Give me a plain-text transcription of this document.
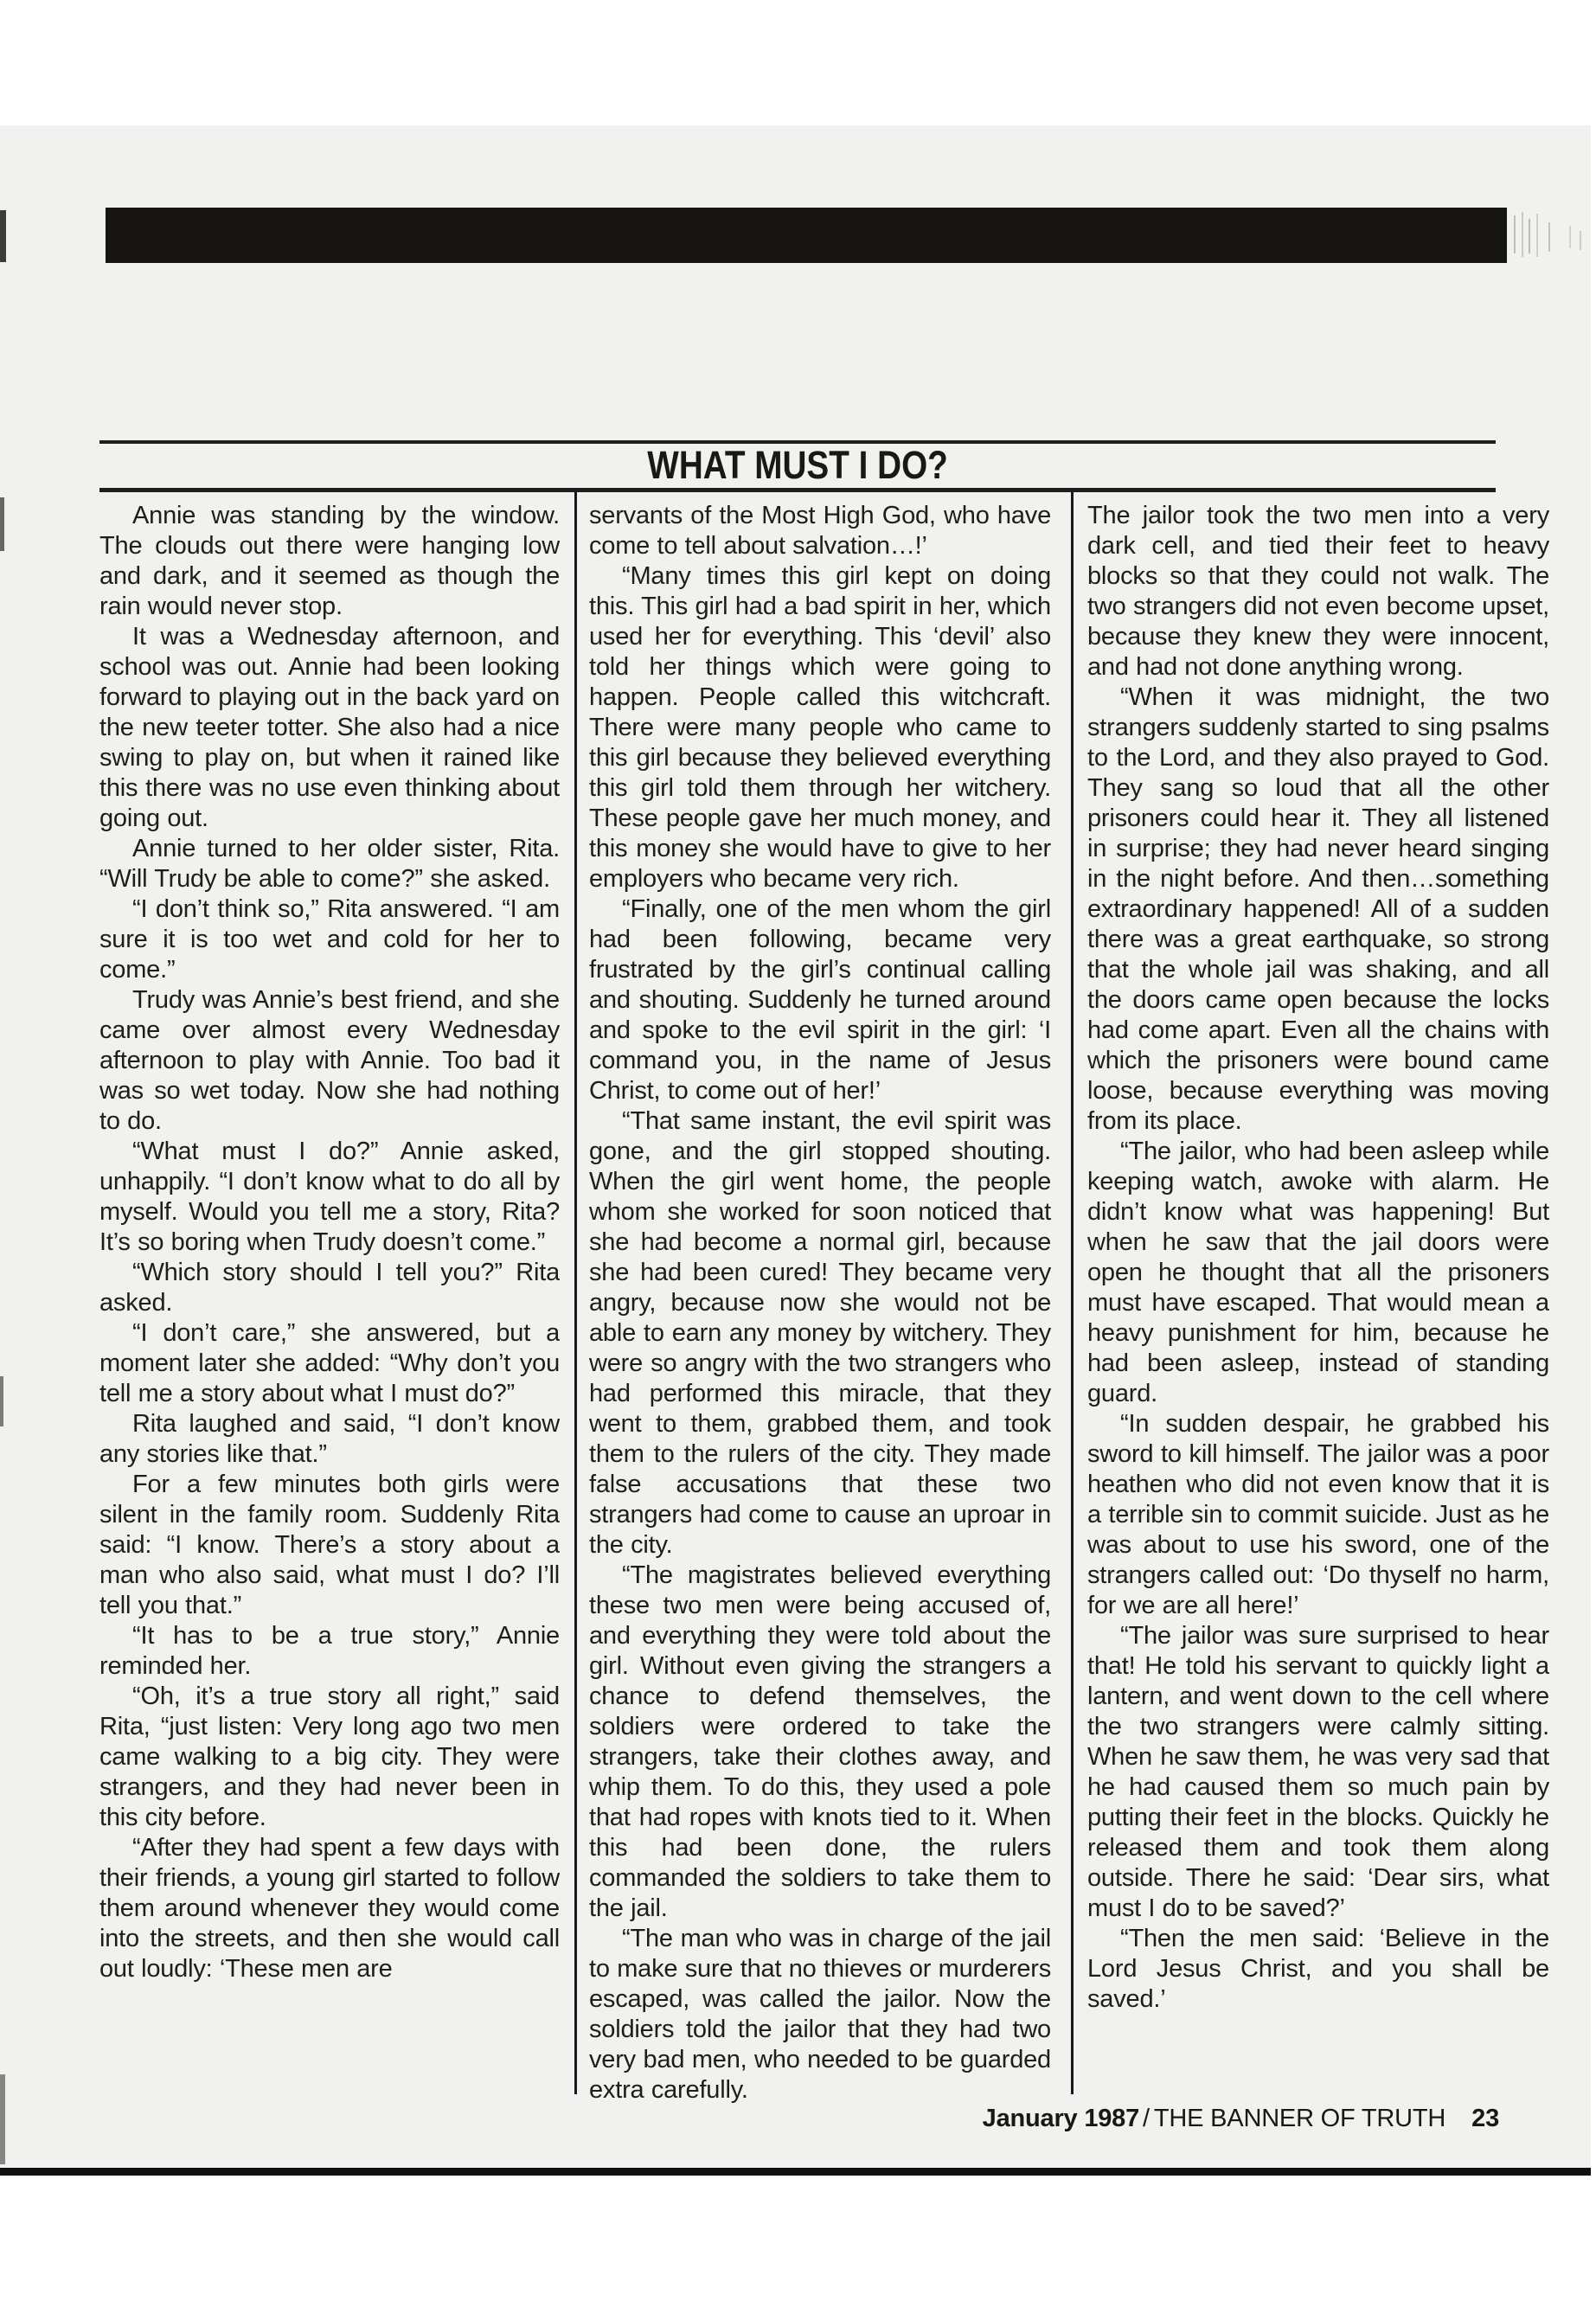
WHAT MUST I DO?

Annie was standing by the window. The clouds out there were hanging low and dark, and it seemed as though the rain would never stop.

It was a Wednesday afternoon, and school was out. Annie had been looking forward to playing out in the back yard on the new teeter totter. She also had a nice swing to play on, but when it rained like this there was no use even thinking about going out.

Annie turned to her older sister, Rita. “Will Trudy be able to come?” she asked.

“I don’t think so,” Rita answered. “I am sure it is too wet and cold for her to come.”

Trudy was Annie’s best friend, and she came over almost every Wednesday afternoon to play with Annie. Too bad it was so wet today. Now she had nothing to do.

“What must I do?” Annie asked, unhappily. “I don’t know what to do all by myself. Would you tell me a story, Rita? It’s so boring when Trudy doesn’t come.”

“Which story should I tell you?” Rita asked.

“I don’t care,” she answered, but a moment later she added: “Why don’t you tell me a story about what I must do?”

Rita laughed and said, “I don’t know any stories like that.”

For a few minutes both girls were silent in the family room. Suddenly Rita said: “I know. There’s a story about a man who also said, what must I do? I’ll tell you that.”

“It has to be a true story,” Annie reminded her.

“Oh, it’s a true story all right,” said Rita, “just listen: Very long ago two men came walking to a big city. They were strangers, and they had never been in this city before.

“After they had spent a few days with their friends, a young girl started to follow them around whenever they would come into the streets, and then she would call out loudly: ‘These men are

servants of the Most High God, who have come to tell about salvation…!’

“Many times this girl kept on doing this. This girl had a bad spirit in her, which used her for everything. This ‘devil’ also told her things which were going to happen. People called this witchcraft. There were many people who came to this girl because they believed everything this girl told them through her witchery. These people gave her much money, and this money she would have to give to her employers who became very rich.

“Finally, one of the men whom the girl had been following, became very frustrated by the girl’s continual calling and shouting. Suddenly he turned around and spoke to the evil spirit in the girl: ‘I command you, in the name of Jesus Christ, to come out of her!’

“That same instant, the evil spirit was gone, and the girl stopped shouting. When the girl went home, the people whom she worked for soon noticed that she had become a normal girl, because she had been cured! They became very angry, because now she would not be able to earn any money by witchery. They were so angry with the two strangers who had performed this miracle, that they went to them, grabbed them, and took them to the rulers of the city. They made false accusations that these two strangers had come to cause an uproar in the city.

“The magistrates believed everything these two men were being accused of, and everything they were told about the girl. Without even giving the strangers a chance to defend themselves, the soldiers were ordered to take the strangers, take their clothes away, and whip them. To do this, they used a pole that had ropes with knots tied to it. When this had been done, the rulers commanded the soldiers to take them to the jail.

“The man who was in charge of the jail to make sure that no thieves or murderers escaped, was called the jailor. Now the soldiers told the jailor that they had two very bad men, who needed to be guarded extra carefully.

The jailor took the two men into a very dark cell, and tied their feet to heavy blocks so that they could not walk. The two strangers did not even become upset, because they knew they were innocent, and had not done anything wrong.

“When it was midnight, the two strangers suddenly started to sing psalms to the Lord, and they also prayed to God. They sang so loud that all the other prisoners could hear it. They all listened in surprise; they had never heard singing in the night before. And then…something extraordinary happened! All of a sudden there was a great earthquake, so strong that the whole jail was shaking, and all the doors came open because the locks had come apart. Even all the chains with which the prisoners were bound came loose, because everything was moving from its place.

“The jailor, who had been asleep while keeping watch, awoke with alarm. He didn’t know what was happening! But when he saw that the jail doors were open he thought that all the prisoners must have escaped. That would mean a heavy punishment for him, because he had been asleep, instead of standing guard.

“In sudden despair, he grabbed his sword to kill himself. The jailor was a poor heathen who did not even know that it is a terrible sin to commit suicide. Just as he was about to use his sword, one of the strangers called out: ‘Do thyself no harm, for we are all here!’

“The jailor was sure surprised to hear that! He told his servant to quickly light a lantern, and went down to the cell where the two strangers were calmly sitting. When he saw them, he was very sad that he had caused them so much pain by putting their feet in the blocks. Quickly he released them and took them along outside. There he said: ‘Dear sirs, what must I do to be saved?’

“Then the men said: ‘Believe in the Lord Jesus Christ, and you shall be saved.’

January 1987 / THE BANNER OF TRUTH 23
